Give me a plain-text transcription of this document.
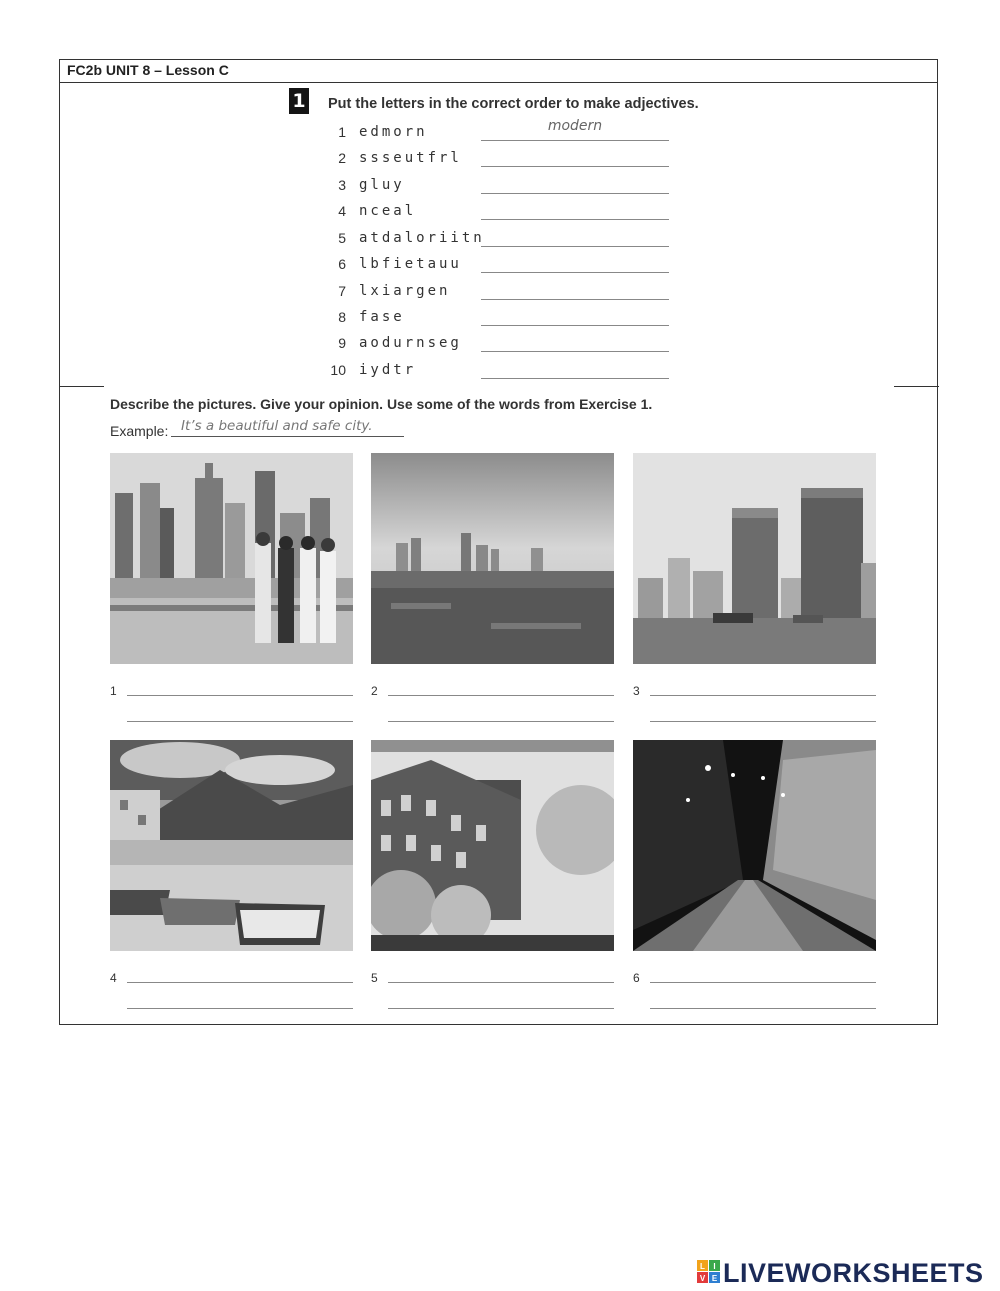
FC2b UNIT 8 – Lesson C
1 Put the letters in the correct order to make adjectives.
1 edmorn	modern
2 ssseutfrl
3 gluy
4 nceal
5 atdaloriitn
6 lbfietauu
7 lxiargen
8 fase
9 aodurnseg
10 iydtr
Describe the pictures. Give your opinion. Use some of the words from Exercise 1.
Example: It’s a beautiful and safe city.
1	2	3
4	5	6
L I
V E LIVEWORKSHEETS
